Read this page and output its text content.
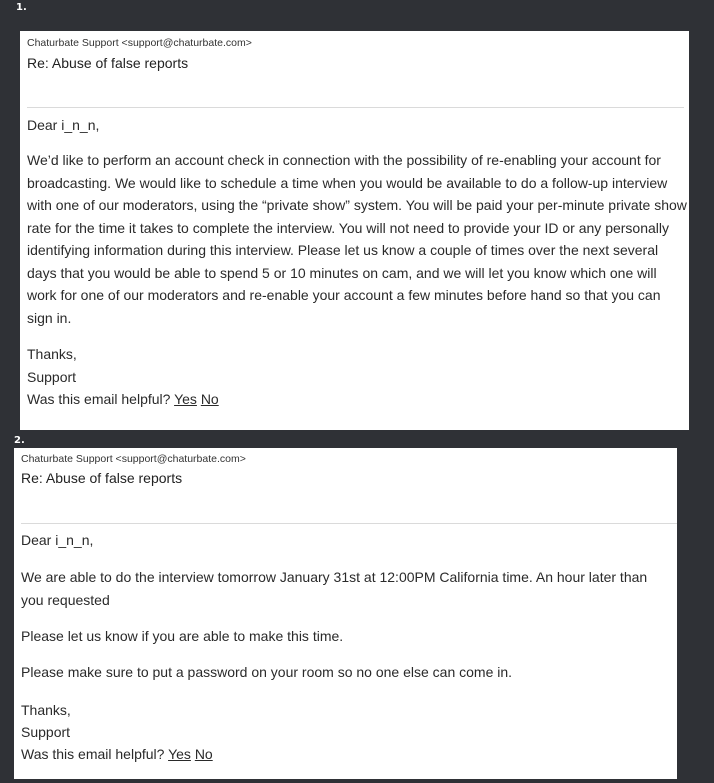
1.
Chaturbate Support <support@chaturbate.com>
Re: Abuse of false reports
Dear i_n_n,
We’d like to perform an account check in connection with the possibility of re-enabling your account for broadcasting. We would like to schedule a time when you would be available to do a follow-up interview with one of our moderators, using the “private show” system. You will be paid your per-minute private show rate for the time it takes to complete the interview. You will not need to provide your ID or any personally identifying information during this interview. Please let us know a couple of times over the next several days that you would be able to spend 5 or 10 minutes on cam, and we will let you know which one will work for one of our moderators and re-enable your account a few minutes before hand so that you can sign in.
Thanks,
Support
Was this email helpful? Yes No
2.
Chaturbate Support <support@chaturbate.com>
Re: Abuse of false reports
Dear i_n_n,
We are able to do the interview tomorrow January 31st at 12:00PM California time. An hour later than you requested
Please let us know if you are able to make this time.
Please make sure to put a password on your room so no one else can come in.
Thanks,
Support
Was this email helpful? Yes No
